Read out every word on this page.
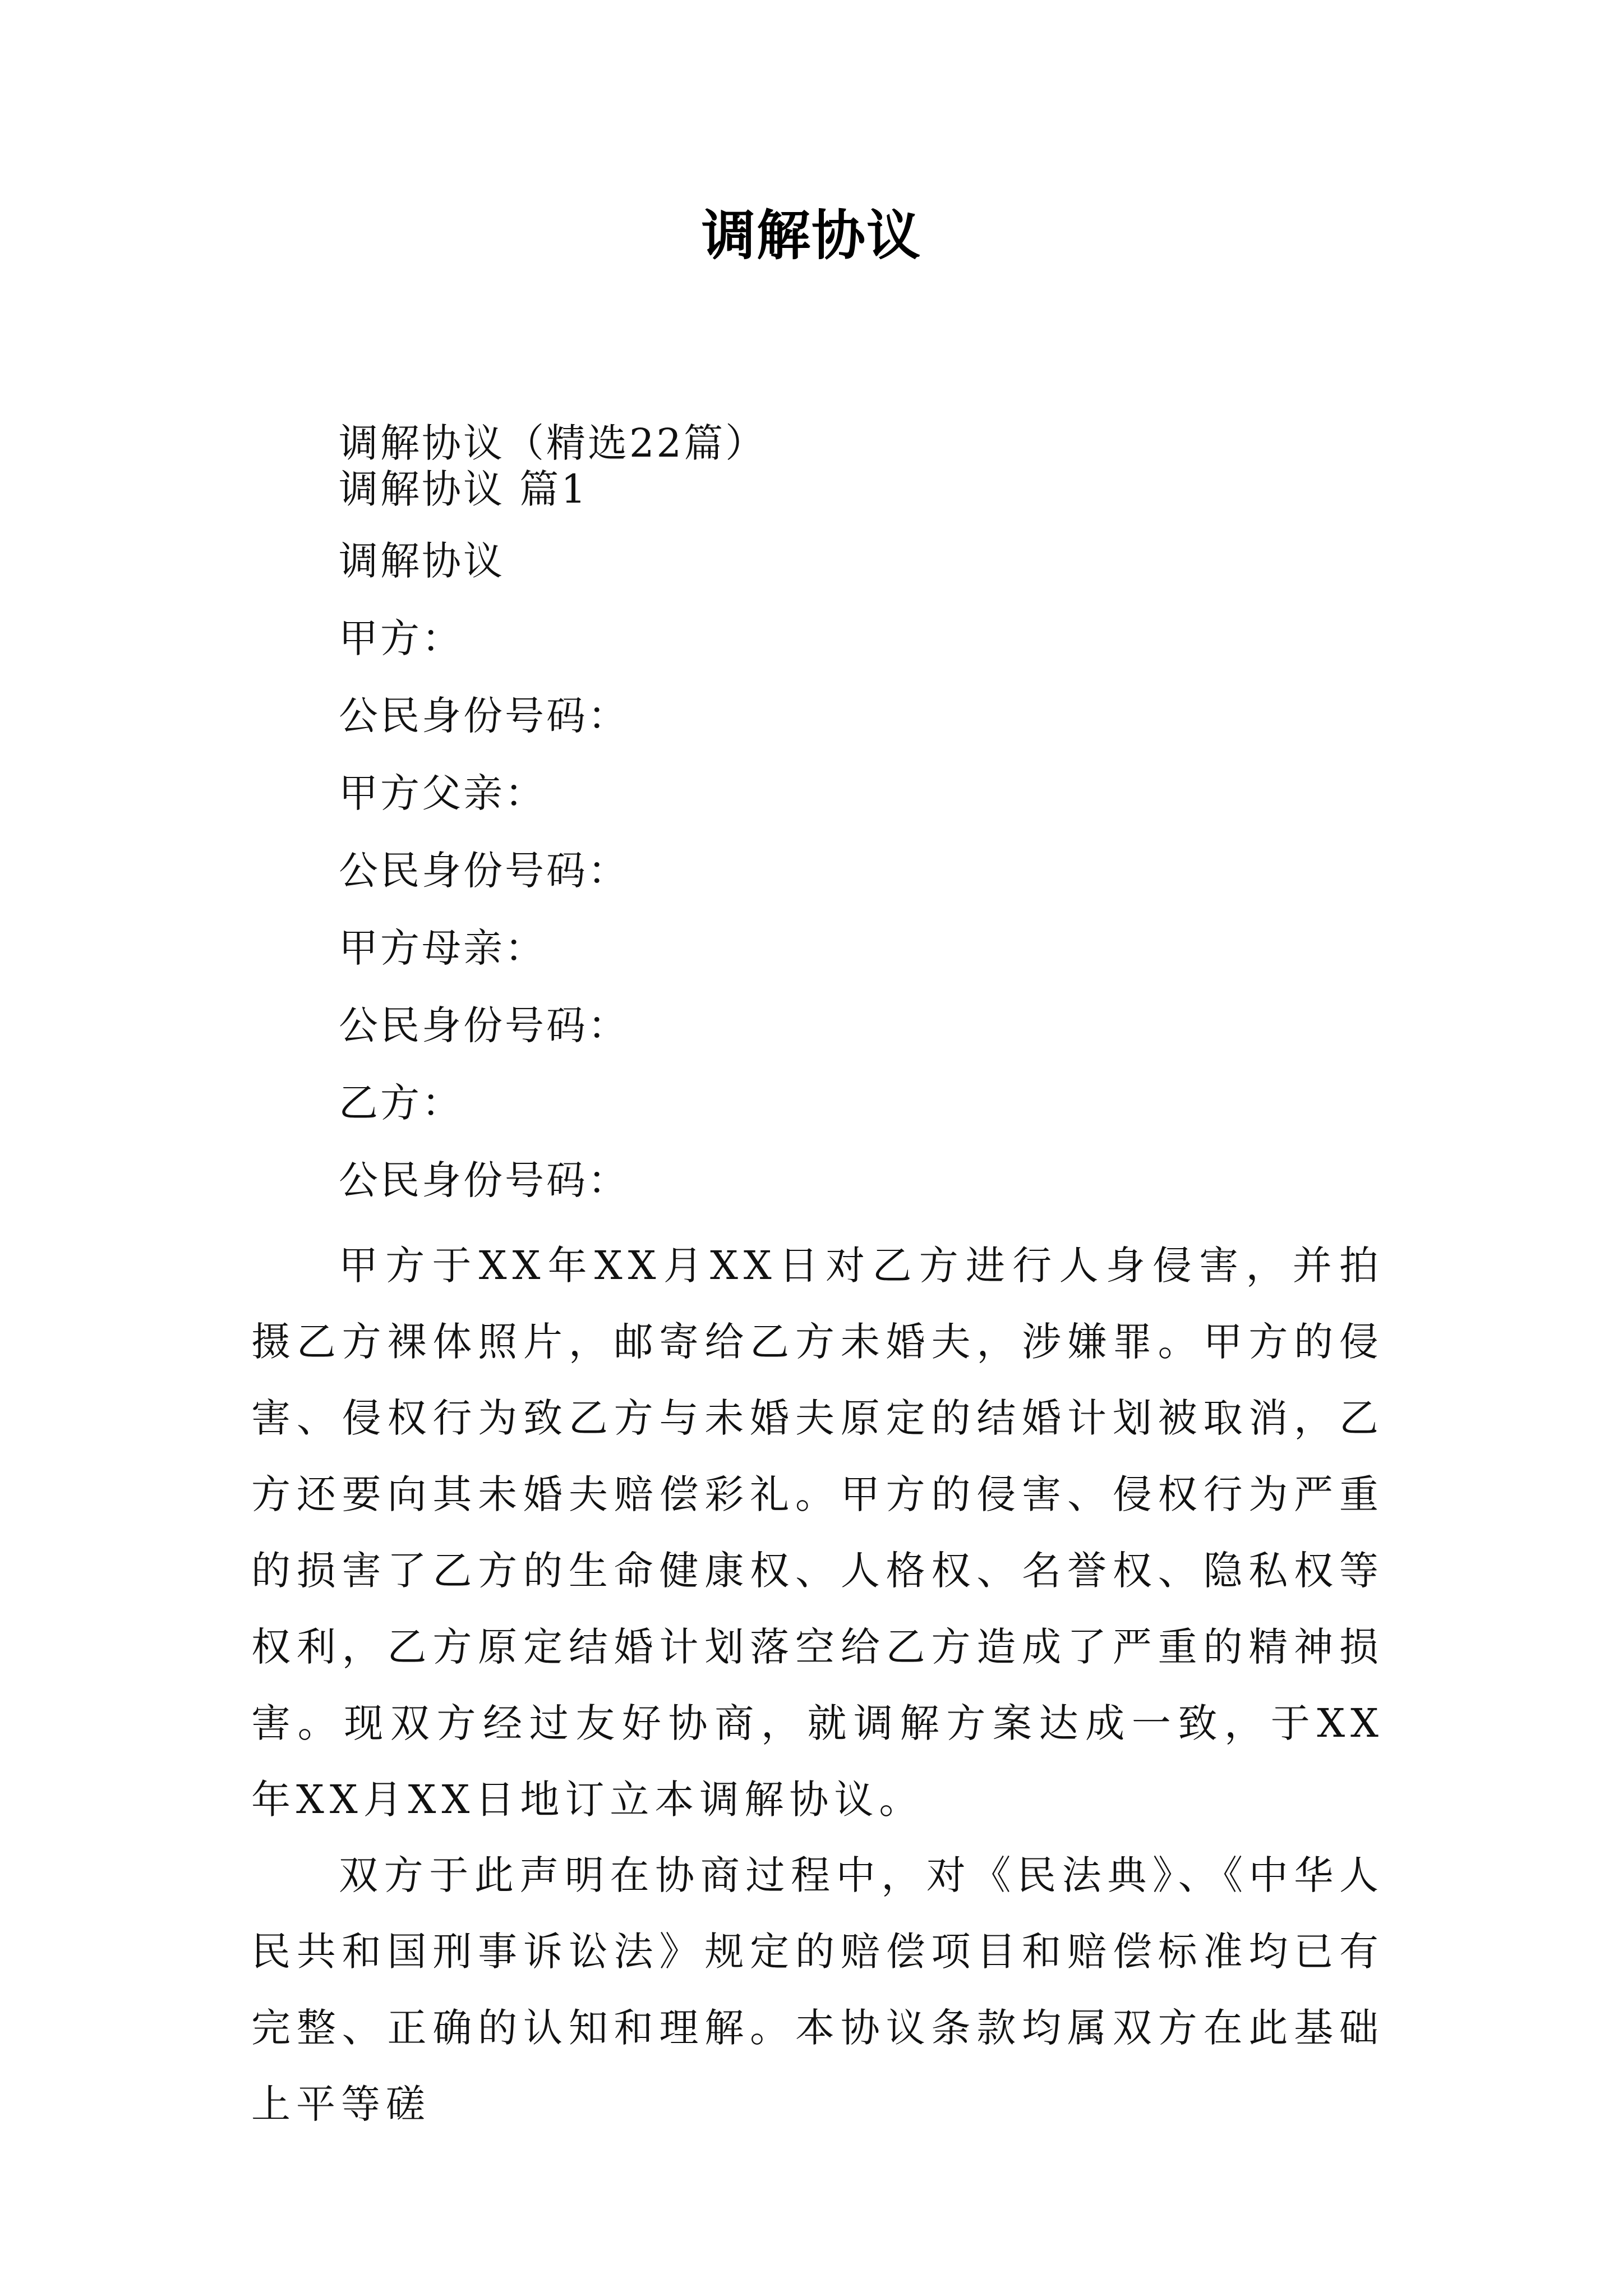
调解协议
调解协议（精选22篇）
调解协议 篇1
调解协议
甲方：
公民身份号码：
甲方父亲：
公民身份号码：
甲方母亲：
公民身份号码：
乙方：
公民身份号码：

甲方于XX年XX月XX日对乙方进行人身侵害，并拍摄乙方裸体照片，邮寄给乙方未婚夫，涉嫌罪。甲方的侵害、侵权行为致乙方与未婚夫原定的结婚计划被取消，乙方还要向其未婚夫赔偿彩礼。甲方的侵害、侵权行为严重的损害了乙方的生命健康权、人格权、名誉权、隐私权等权利，乙方原定结婚计划落空给乙方造成了严重的精神损害。现双方经过友好协商，就调解方案达成一致，于XX年XX月XX日地订立本调解协议。

双方于此声明在协商过程中，对《民法典》、《中华人民共和国刑事诉讼法》规定的赔偿项目和赔偿标准均已有完整、正确的认知和理解。本协议条款均属双方在此基础上平等磋
